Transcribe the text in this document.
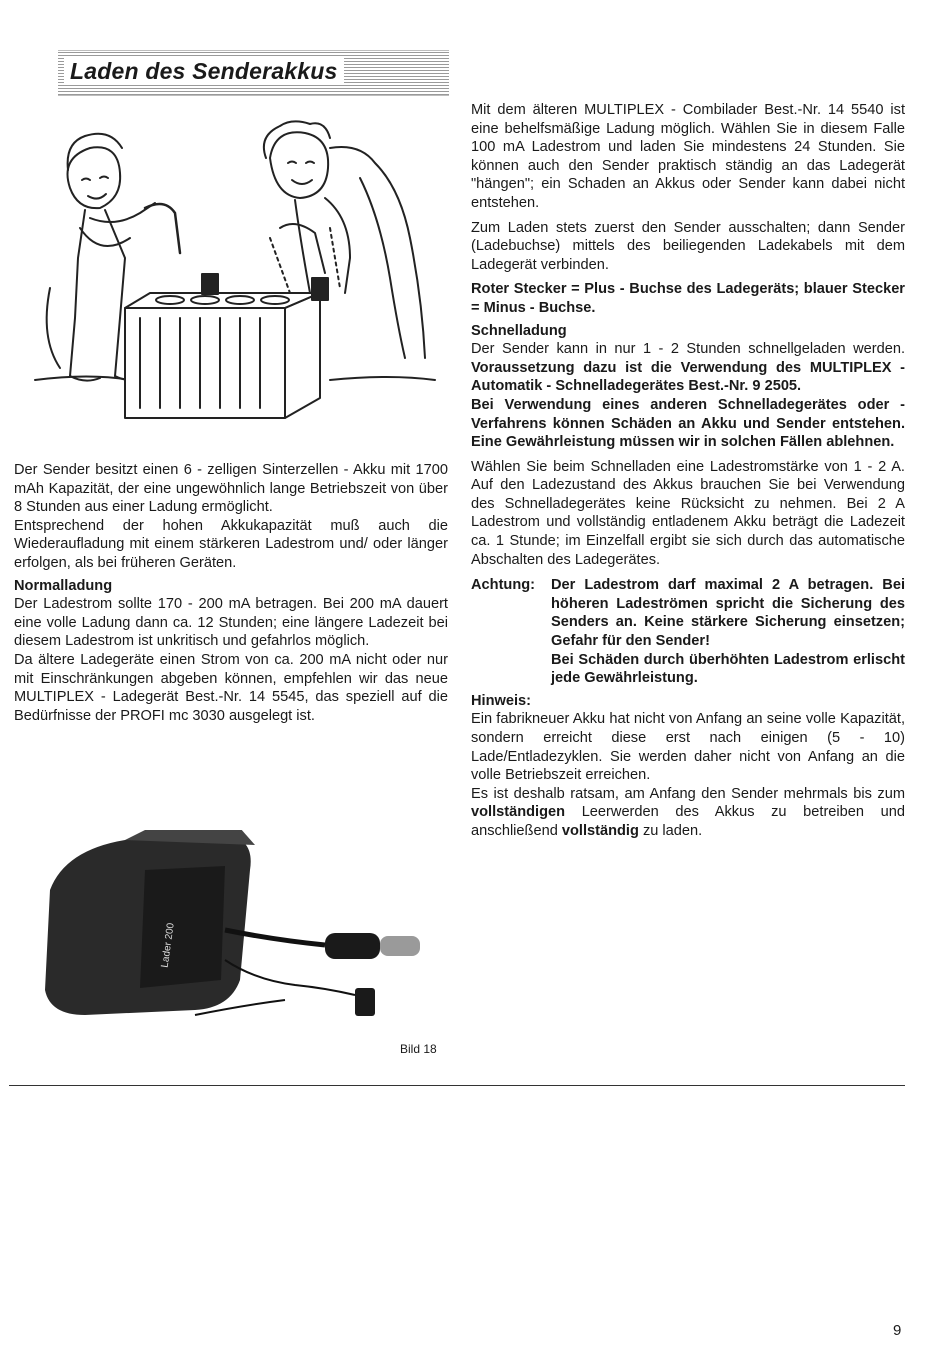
Laden des Senderakkus

Der Sender besitzt einen 6 - zelligen Sinterzellen - Akku mit 1700 mAh Kapazität, der eine ungewöhnlich lange Betriebszeit von über 8 Stunden aus einer Ladung ermöglicht.

Entsprechend der hohen Akkukapazität muß auch die Wiederaufladung mit einem stärkeren Ladestrom und/ oder länger erfolgen, als bei früheren Geräten.

Normalladung

Der Ladestrom sollte 170 - 200 mA betragen. Bei 200 mA dauert eine volle Ladung dann ca. 12 Stunden; eine längere Ladezeit bei diesem Ladestrom ist unkritisch und gefahrlos möglich.

Da ältere Ladegeräte einen Strom von ca. 200 mA nicht oder nur mit Einschränkungen abgeben können, empfehlen wir das neue MULTIPLEX - Ladegerät Best.-Nr. 14 5545, das speziell auf die Bedürfnisse der PROFI mc 3030 ausgelegt ist.

Lader 200
Bild 18

Mit dem älteren MULTIPLEX - Combilader Best.-Nr. 14 5540 ist eine behelfsmäßige Ladung möglich. Wählen Sie in diesem Falle 100 mA Ladestrom und laden Sie mindestens 24 Stunden. Sie können auch den Sender praktisch ständig an das Ladegerät "hängen"; ein Schaden an Akkus oder Sender kann dabei nicht entstehen.

Zum Laden stets zuerst den Sender ausschalten; dann Sender (Ladebuchse) mittels des beiliegenden Ladekabels mit dem Ladegerät verbinden.

Roter Stecker = Plus - Buchse des Ladegeräts; blauer Stecker = Minus - Buchse.

Schnelladung

Der Sender kann in nur 1 - 2 Stunden schnellgeladen werden. Voraussetzung dazu ist die Verwendung des MULTIPLEX - Automatik - Schnelladegerätes Best.-Nr. 9 2505.

Bei Verwendung eines anderen Schnelladegerätes oder -Verfahrens können Schäden an Akku und Sender entstehen. Eine Gewährleistung müssen wir in solchen Fällen ablehnen.

Wählen Sie beim Schnelladen eine Ladestromstärke von 1 - 2 A. Auf den Ladezustand des Akkus brauchen Sie bei Verwendung des Schnelladegerätes keine Rücksicht zu nehmen. Bei 2 A Ladestrom und vollständig entladenem Akku beträgt die Ladezeit ca. 1 Stunde; im Einzelfall ergibt sie sich durch das automatische Abschalten des Ladegerätes.

Achtung:	Der Ladestrom darf maximal 2 A betragen. Bei höheren Ladeströmen spricht die Sicherung des Senders an. Keine stärkere Sicherung einsetzen; Gefahr für den Sender!
Bei Schäden durch überhöhten Ladestrom erlischt jede Gewährleistung.

Hinweis:

Ein fabrikneuer Akku hat nicht von Anfang an seine volle Kapazität, sondern erreicht diese erst nach einigen (5 - 10) Lade/Entladezyklen. Sie werden daher nicht von Anfang an die volle Betriebszeit erreichen.

Es ist deshalb ratsam, am Anfang den Sender mehrmals bis zum vollständigen Leerwerden des Akkus zu betreiben und anschließend vollständig zu laden.

9
